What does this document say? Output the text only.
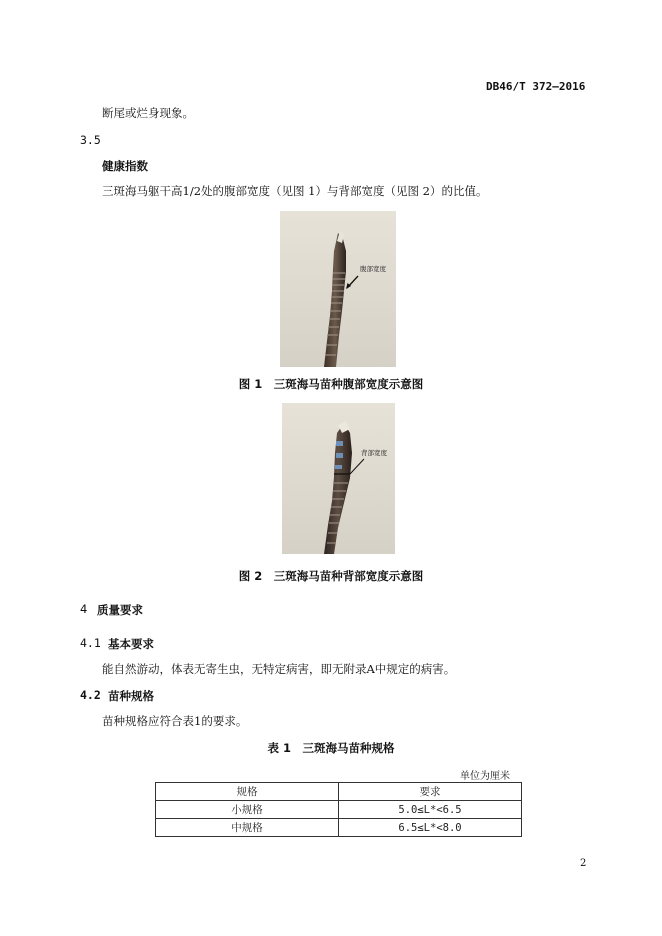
DB46/T 372—2016
断尾或烂身现象。
3.5
健康指数
三斑海马躯干高1/2处的腹部宽度（见图 1）与背部宽度（见图 2）的比值。
腹部宽度
图 1　三斑海马苗种腹部宽度示意图
背部宽度
图 2　三斑海马苗种背部宽度示意图
4 质量要求
4.1 基本要求
能自然游动，体表无寄生虫，无特定病害，即无附录A中规定的病害。
4.2 苗种规格
苗种规格应符合表1的要求。
表 1　三斑海马苗种规格
单位为厘米
规格	要求
小规格	5.0≤L*<6.5
中规格	6.5≤L*<8.0
2
